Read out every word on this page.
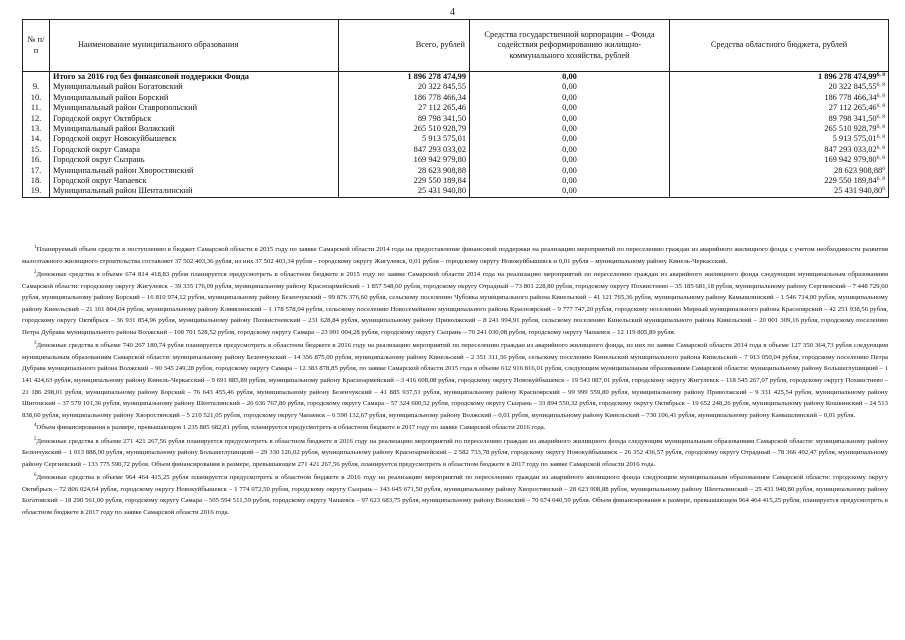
4
№ п/п	Наименование муниципального образования	Всего, рублей	Средства государственной корпорации – Фонда содействия реформированию жилищно-коммунального хозяйства, рублей	Средства областного бюджета, рублей
	Итого за 2016 год без финансовой поддержки Фонда	1 896 278 474,99	0,00	1 896 278 474,99$^{6, 8}$
9.	Муниципальный район Богатовский	20 322 845,55	0,00	20 322 845,55$^{6, 8}$
10.	Муниципальный район Борский	186 778 466,34	0,00	186 778 466,34$^{6, 8}$
11.	Муниципальный район Ставропольский	27 112 265,46	0,00	27 112 265,46$^{6, 8}$
12.	Городской округ Октябрьск	89 798 341,50	0,00	89 798 341,50$^{6, 8}$
13.	Муниципальный район Волжский	265 510 928,79	0,00	265 510 928,79$^{6, 8}$
14.	Городской округ Новокуйбышевск	5 913 575,01	0,00	5 913 575,01$^{6, 8}$
15.	Городской округ Самара	847 293 033,02	0,00	847 293 033,02$^{6, 8}$
16.	Городской округ Сызрань	169 942 979,80	0,00	169 942 979,80$^{6, 8}$
17.	Муниципальный район Хворостянский	28 623 908,88	0,00	28 623 908,88$^6$
18.	Городской округ Чапаевск	229 550 189,84	0,00	229 550 189,84$^{6, 8}$
19.	Муниципальный район Шенталинский	25 431 940,80	0,00	25 431 940,80$^6$

$^1$Планируемый объем средств к поступлению в бюджет Самарской области в 2015 году по заявке Самарской области 2014 года на предоставление финансовой поддержки на реализацию мероприятий по переселению граждан из аварийного жилищного фонда с учетом необходимости развития малоэтажного жилищного строительства составляет 37 502 403,36 рубля, из них 37 502 403,34 рубля – городскому округу Жигулевск, 0,01 рубля – городскому округу Новокуйбышевск и 0,01 рубля – муниципальному району Кинель-Черкасский.

$^2$Денежные средства в объеме 674 814 418,83 рубля планируется предусмотреть в областном бюджете в 2015 году по заявке Самарской области 2014 года на реализацию мероприятий по переселению граждан из аварийного жилищного фонда следующим муниципальным образованиям Самарской области: городскому округу Жигулевск – 39 335 176,09 рубля, муниципальному району Красноармейский – 1 857 548,60 рубля, городскому округу Отрадный – 73 801 228,80 рубля, городскому округу Похвистнево – 35 185 681,18 рубля, муниципальному району Сергиевский – 7 448 729,60 рубля, муниципальному району Борский – 16 810 974,12 рубля, муниципальному району Безенчукский – 99 876 376,60 рубля, сельскому поселению Чубовка муниципального района Кинельский – 41 121 765,36 рубля, муниципальному району Камышлинский – 1 546 714,00 рубля, муниципальному району Кинельский – 21 161 804,04 рубля, муниципальному району Кляявлинский – 1 178 578,04 рубля, сельскому поселению Новосемейкино муниципального района Красноярский – 9 777 747,20 рубля, городскому поселению Мирный муниципального района Красноярский – 42 251 938,56 рубля, городскому округу Октябрьск – 36 931 854,96 рубля, муниципальному району Похвистневский – 231 628,84 рубля, муниципальному району Приволжский – 8 241 994,91 рубля, сельскому поселению Кинельский муниципального района Кинельский – 20 001 309,16 рубля, городскому поселению Петра Дубрава муниципального района Волжский – 108 701 528,52 рубля, городскому округу Самара – 23 991 004,28 рубля, городскому округу Сызрань – 70 241 030,08 рубля, городскому округу Чапаевск – 12 119 805,89 рубля.

$^3$Денежные средства в объеме 740 267 180,74 рубля планируется предусмотреть в областном бюджете в 2016 году на реализацию мероприятий по переселению граждан из аварийного жилищного фонда, из них по заявке Самарской области 2014 года в объеме 127 350 364,73 рубля следующим муниципальным образованиям Самарской области: муниципальному району Безенчукский – 14 356 875,00 рубля, муниципальному району Кинельский – 2 351 311,56 рубля, сельскому поселению Кинельский муниципального района Кинельский – 7 913 050,04 рубля, городскому поселению Петра Дубрава муниципального района Волжский – 90 345 249,28 рубля, городскому округу Самара – 12 383 878,85 рубля, по заявке Самарской области 2015 года в объеме 612 916 816,01 рубля, следующим муниципальным образованиям Самарской области: муниципальному району Большеглушицкий – 1 141 424,63 рубля, муниципальному району Кинель-Черкасский – 9 691 885,89 рубля, муниципальному району Красноармейский – 3 416 608,08 рубля, городскому округу Новокуйбышевск – 19 543 087,01 рубля, городскому округу Жигулевск – 118 545 267,07 рубля, городскому округу Похвистнево – 21 186 298,01 рубля, муниципальному району Борский – 76 643 455,46 рубля, муниципальному району Безенчукский – 41 885 937,51 рубля, муниципальному району Красноярский – 99 999 559,80 рубля, муниципальному району Приволжский – 9 331 425,54 рубля, муниципальному району Шигонский – 37 579 101,36 рубля, муниципальному району Шенталинский – 26 036 767,80 рубля, городскому округу Самара – 57 324 600,52 рубля, городскому округу Сызрань – 33 894 550,32 рубля, городскому округу Октябрьск – 19 652 248,26 рубля, муниципальному району Кошкинский – 24 513 838,60 рубля, муниципальному району Хворостянский – 5 210 521,05 рубля, городскому округу Чапаевск – 6 590 132,67 рубля, муниципальному району Волжский – 0,01 рубля, муниципальному району Кинельский – 730 106,41 рубля, муниципальному району Камышлинский – 0,01 рубля.

$^4$Объем финансирования в размере, превышающем 1 235 885 682,81 рубля, планируется предусмотреть в областном бюджете в 2017 году по заявке Самарской области 2016 года.

$^5$Денежные средства в объеме 271 421 267,56 рубля планируется предусмотреть в областном бюджете в 2016 году на реализацию мероприятий по переселению граждан из аварийного жилищного фонда следующим муниципальным образованиям Самарской области: муниципальному району Безенчукский – 1 013 888,00 рубля, муниципальному району Большеглушицкий – 29 330 126,02 рубля, муниципальному району Красноармейский – 2 582 733,78 рубля, городскому округу Новокуйбышевск – 26 352 436,57 рубля, городскому округу Отрадный – 78 366 492,47 рубля, муниципальному району Сергиевский – 133 775 590,72 рубля. Объем финансирования в размере, превышающем 271 421 267,56 рубля, планируется предусмотреть в областном бюджете в 2017 году по заявке Самарской области 2016 года.

$^6$Денежные средства в объеме 964 464 415,25 рубля планируется предусмотреть в областном бюджете в 2016 году на реализацию мероприятий по переселению граждан из аварийного жилищного фонда следующим муниципальным образованиям Самарской области: городскому округу Октябрьск – 72 806 024,64 рубля, городскому округу Новокуйбышевск – 1 774 072,50 рубля, городскому округу Сызрань – 143 645 671,50 рубля, муниципальному району Хворостянский – 28 623 908,88 рубля, муниципальному району Шенталинский – 25 431 940,80 рубля, муниципальному району Богатовский – 18 290 561,00 рубля, городскому округу Самара – 505 594 511,59 рубля, городскому округу Чапаевск – 97 623 683,75 рубля, муниципальному району Волжский – 70 674 040,59 рубля. Объем финансирования в размере, превышающем 964 464 415,25 рубля, планируется предусмотреть в областном бюджете в 2017 году по заявке Самарской области 2016 года.
